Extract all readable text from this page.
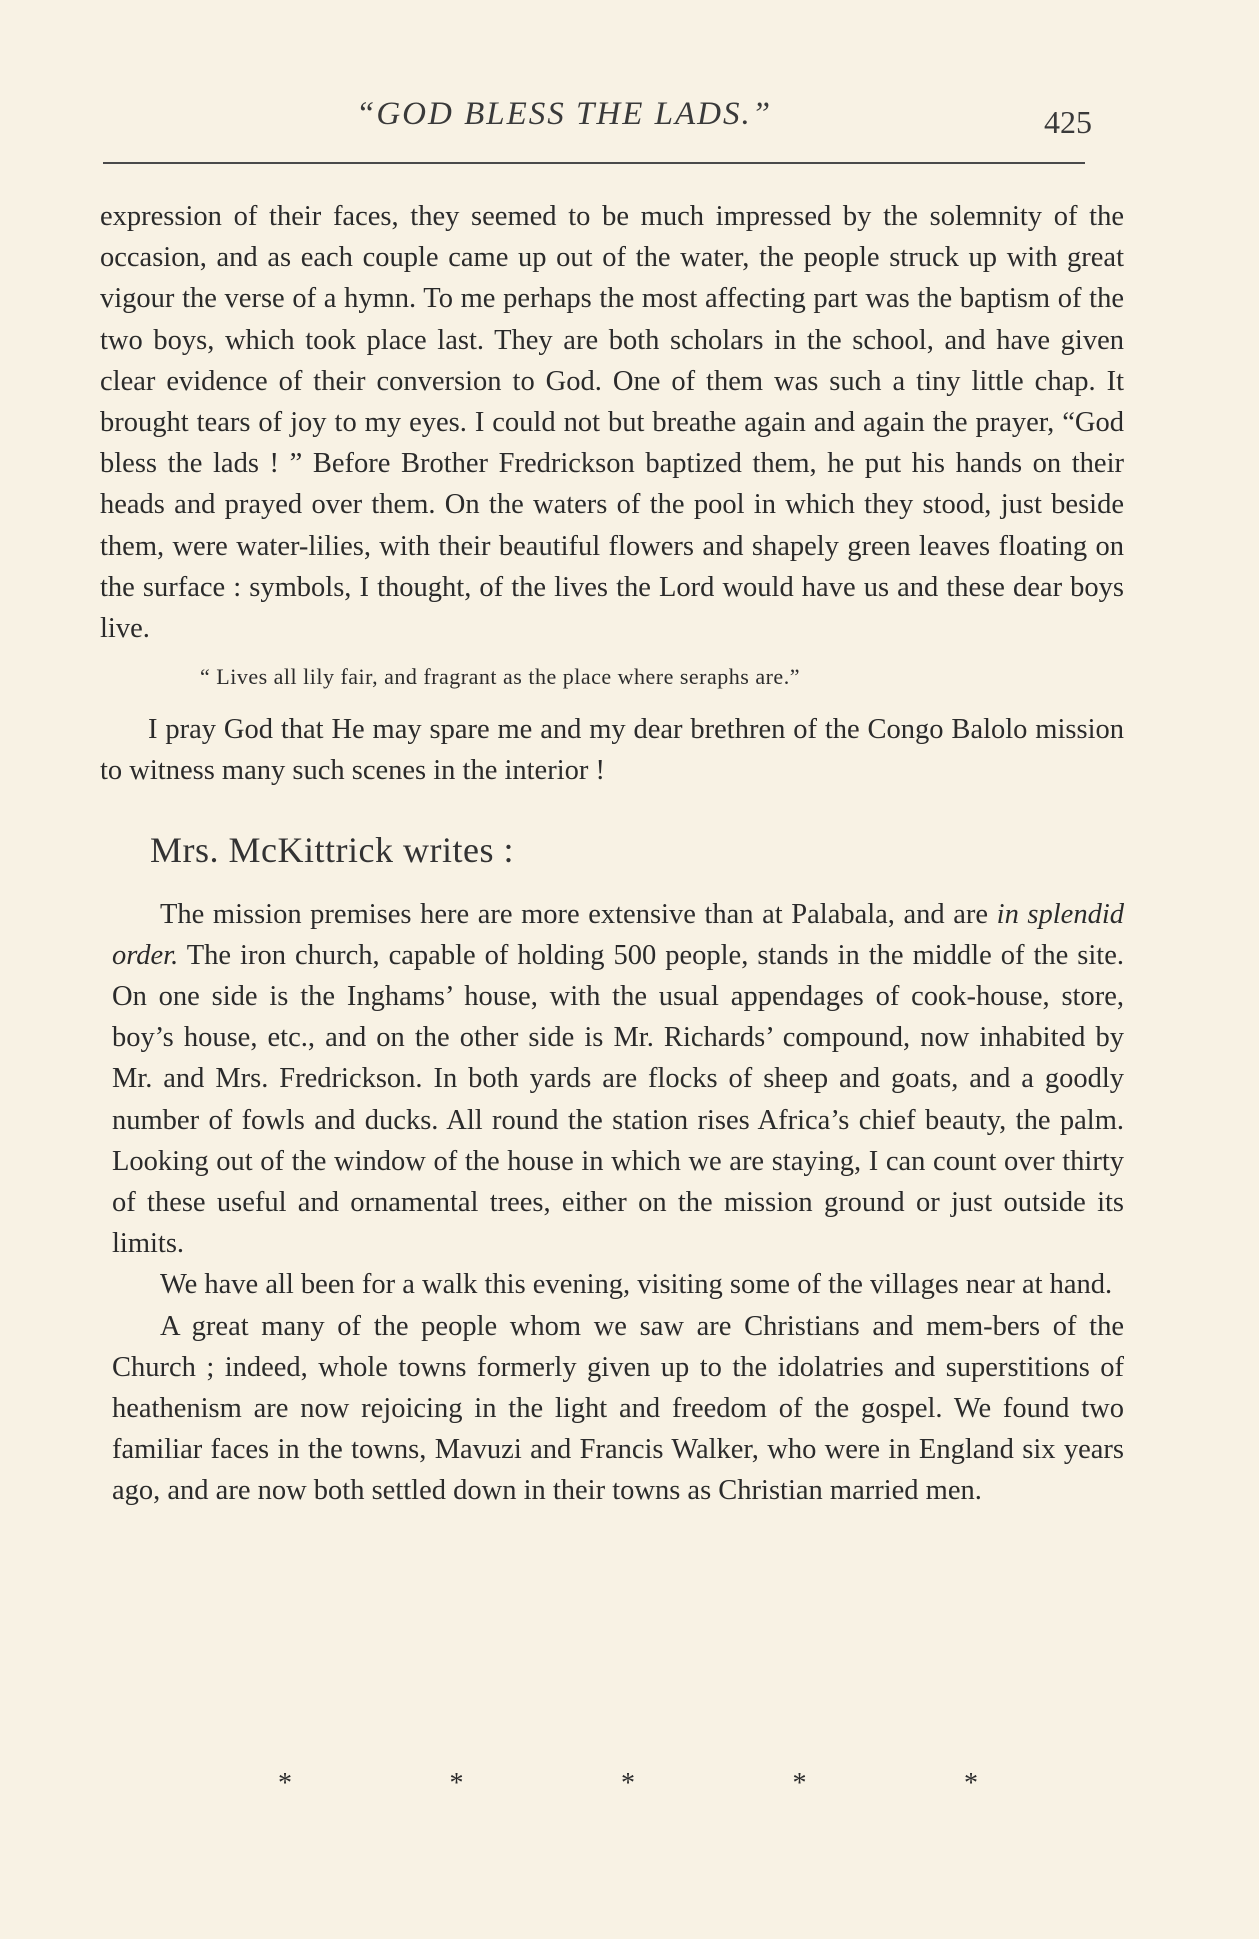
“GOD BLESS THE LADS.”	425

expression of their faces, they seemed to be much impressed by the solemnity of the occasion, and as each couple came up out of the water, the people struck up with great vigour the verse of a hymn. To me perhaps the most affecting part was the baptism of the two boys, which took place last. They are both scholars in the school, and have given clear evidence of their conversion to God. One of them was such a tiny little chap. It brought tears of joy to my eyes. I could not but breathe again and again the prayer, “God bless the lads ! ” Before Brother Fredrickson baptized them, he put his hands on their heads and prayed over them. On the waters of the pool in which they stood, just beside them, were water-lilies, with their beautiful flowers and shapely green leaves floating on the surface : symbols, I thought, of the lives the Lord would have us and these dear boys live.

“ Lives all lily fair, and fragrant as the place where seraphs are.”

I pray God that He may spare me and my dear brethren of the Congo Balolo mission to witness many such scenes in the interior !

Mrs. McKittrick writes :

The mission premises here are more extensive than at Palabala, and are in splendid order. The iron church, capable of holding 500 people, stands in the middle of the site. On one side is the Inghams’ house, with the usual appendages of cook-house, store, boy’s house, etc., and on the other side is Mr. Richards’ compound, now inhabited by Mr. and Mrs. Fredrickson. In both yards are flocks of sheep and goats, and a goodly number of fowls and ducks. All round the station rises Africa’s chief beauty, the palm. Looking out of the window of the house in which we are staying, I can count over thirty of these useful and ornamental trees, either on the mission ground or just outside its limits.

We have all been for a walk this evening, visiting some of the villages near at hand.

A great many of the people whom we saw are Christians and mem-bers of the Church ; indeed, whole towns formerly given up to the idolatries and superstitions of heathenism are now rejoicing in the light and freedom of the gospel. We found two familiar faces in the towns, Mavuzi and Francis Walker, who were in England six years ago, and are now both settled down in their towns as Christian married men.

*	*	*	*	*
